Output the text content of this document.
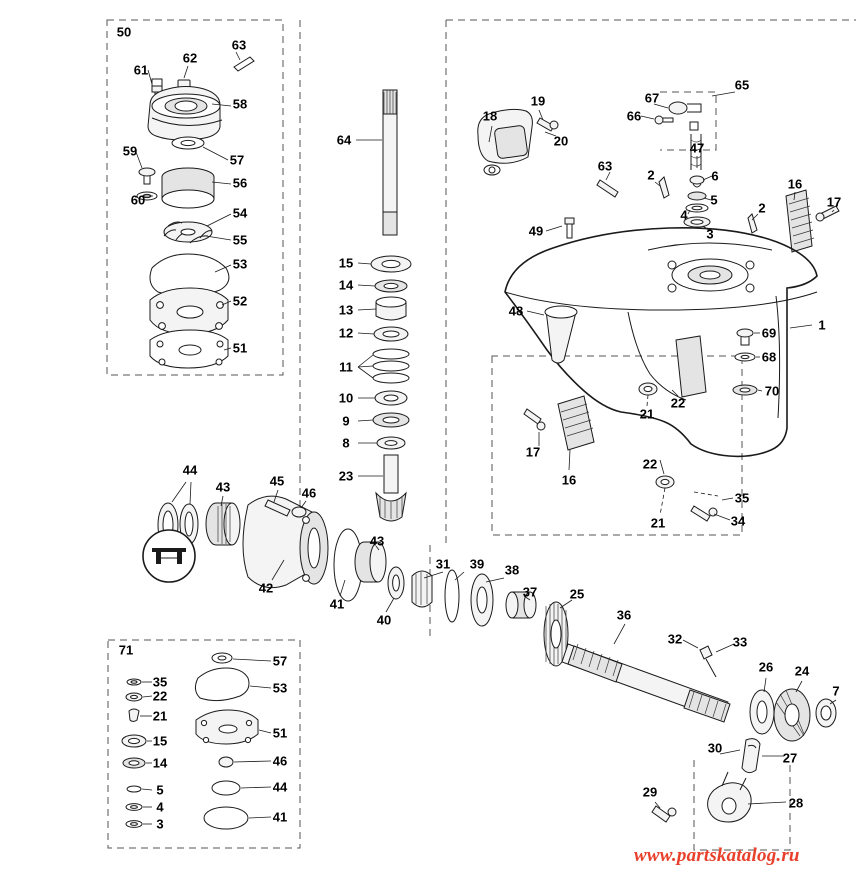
50
62
63
61
58
59
57
56
60
54
55
53
52
51
64
18
19
20
67
66
65
47
63
2	6
16
17
5
4	2
3
49
15
14
13
12
11
10
9
8
23
48
69
1
68
70
21
22
17
16
22
35
21	34
44
43	45
46
42
41
40
43
31 39 38
37	25
36
32	33
26 24
7
27
30
29
28
71
35
57
22
53
21
15
51
14	46
5	44
4
3	41
www.partskatalog.ru
